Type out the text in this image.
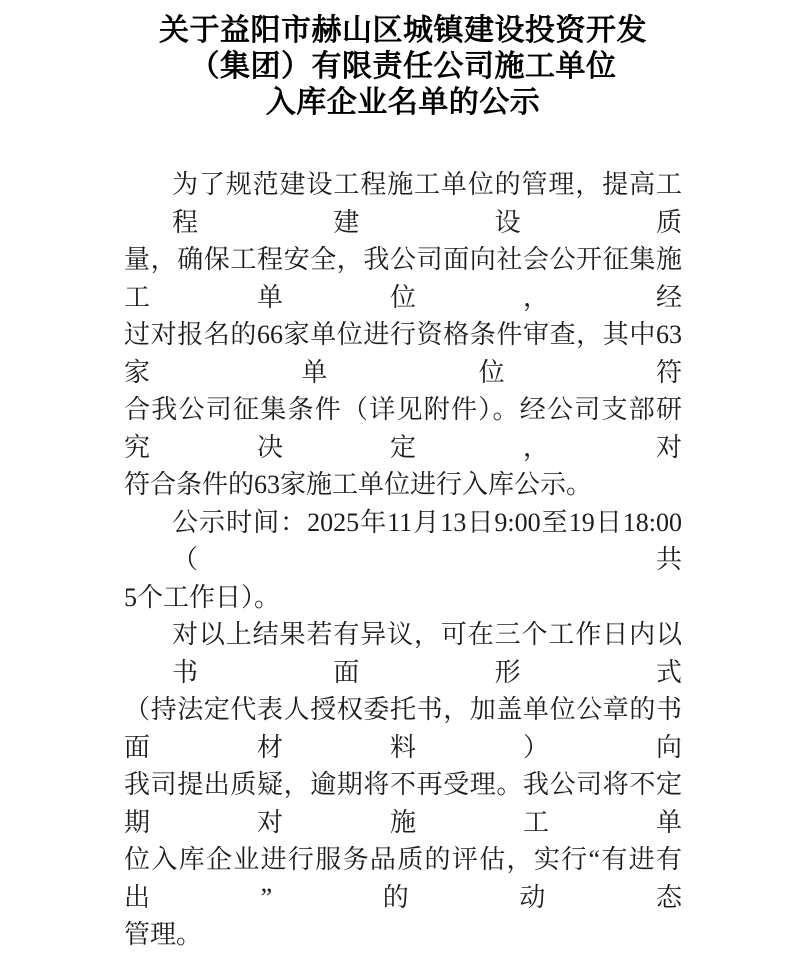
关于益阳市赫山区城镇建设投资开发
（集团）有限责任公司施工单位
入库企业名单的公示
为了规范建设工程施工单位的管理，提高工程建设质
量，确保工程安全，我公司面向社会公开征集施工单位，经
过对报名的66家单位进行资格条件审查，其中63家单位符
合我公司征集条件（详见附件）。经公司支部研究决定，对
符合条件的63家施工单位进行入库公示。
公示时间：2025年11月13日9:00至19日18:00（共
5个工作日）。
对以上结果若有异议，可在三个工作日内以书面形式
（持法定代表人授权委托书，加盖单位公章的书面材料）向
我司提出质疑，逾期将不再受理。我公司将不定期对施工单
位入库企业进行服务品质的评估，实行“有进有出”的动态
管理。
